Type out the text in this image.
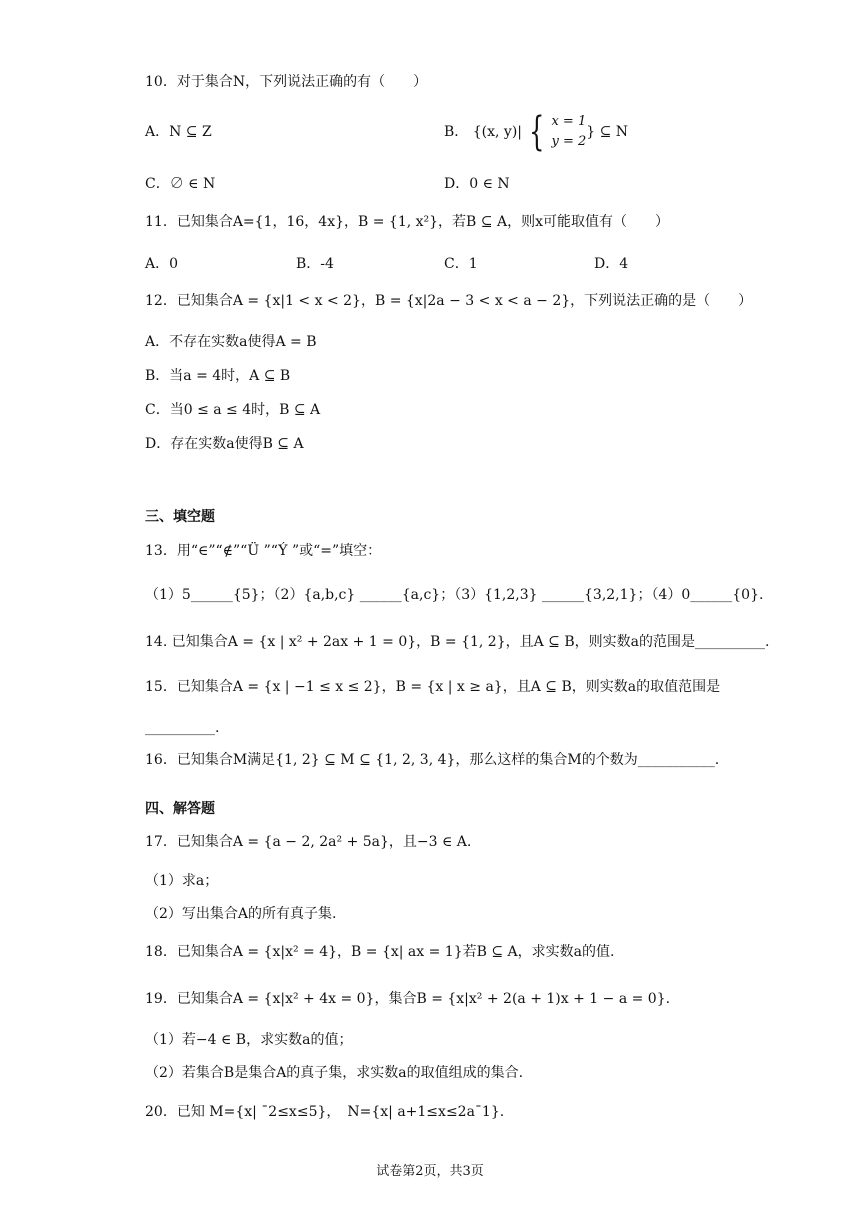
10．对于集合N，下列说法正确的有（　　）
A．N ⊆ Z	B． {(x, y)| { x = 1
y = 2
} ⊆ N
C．∅ ∈ N	D．0 ∈ N
11．已知集合A={1，16，4x}，B = {1, x²}，若B ⊆ A，则x可能取值有（　　）
A．0	B．-4	C．1	D．4
12．已知集合A = {x|1 < x < 2}，B = {x|2a − 3 < x < a − 2}，下列说法正确的是（　　）
A．不存在实数a使得A = B
B．当a = 4时，A ⊆ B
C．当0 ≤ a ≤ 4时，B ⊆ A
D．存在实数a使得B ⊆ A
三、填空题
13．用“∈”“∉”“Ü ”“Ý ”或“=”填空：
（1）5______{5}；（2）{a,b,c} ______{a,c}；（3）{1,2,3} ______{3,2,1}；（4）0______{0}.
14. 已知集合A = {x | x² + 2ax + 1 = 0}，B = {1, 2}，且A ⊆ B，则实数a的范围是__________.
15．已知集合A = {x | −1 ≤ x ≤ 2}，B = {x | x ≥ a}，且A ⊆ B，则实数a的取值范围是
__________.
16．已知集合M满足{1, 2} ⊆ M ⊆ {1, 2, 3, 4}，那么这样的集合M的个数为___________.
四、解答题
17．已知集合A = {a − 2, 2a² + 5a}，且−3 ∈ A.
（1）求a；
（2）写出集合A的所有真子集.
18．已知集合A = {x|x² = 4}，B = {x| ax = 1}若B ⊆ A，求实数a的值.
19．已知集合A = {x|x² + 4x = 0}，集合B = {x|x² + 2(a + 1)x + 1 − a = 0}.
（1）若−4 ∈ B，求实数a的值；
（2）若集合B是集合A的真子集，求实数a的取值组成的集合.
20．已知 M={x| ¯2≤x≤5}，　N={x| a+1≤x≤2a¯1}.
试卷第2页，共3页
